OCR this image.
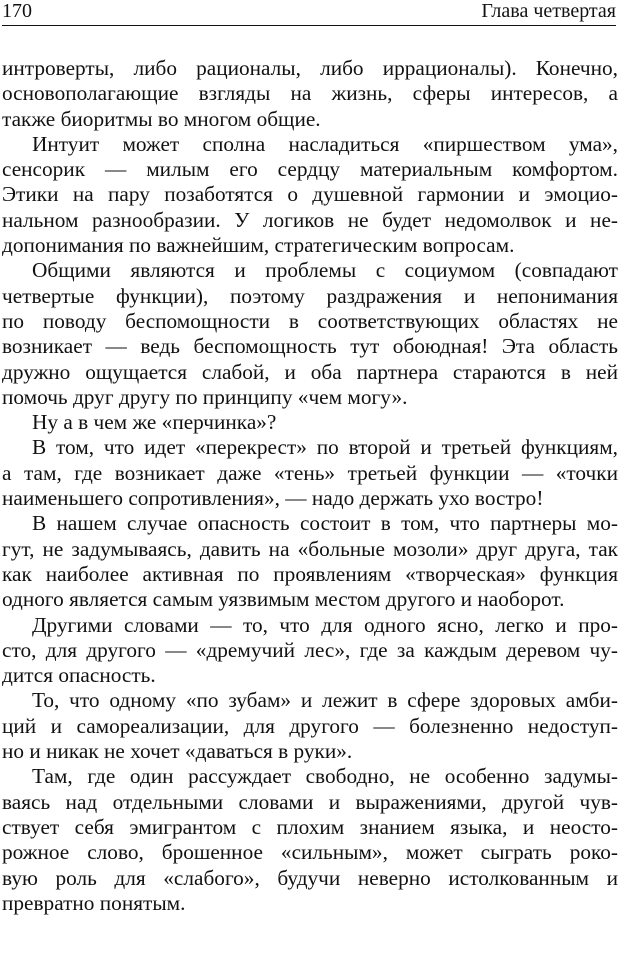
170	Глава четвертая
интроверты, либо рационалы, либо иррационалы). Конечно,
основополагающие взгляды на жизнь, сферы интересов, а
также биоритмы во многом общие.
Интуит может сполна насладиться «пиршеством ума»,
сенсорик — милым его сердцу материальным комфортом.
Этики на пару позаботятся о душевной гармонии и эмоцио-
нальном разнообразии. У логиков не будет недомолвок и не-
допонимания по важнейшим, стратегическим вопросам.
Общими являются и проблемы с социумом (совпадают
четвертые функции), поэтому раздражения и непонимания
по поводу беспомощности в соответствующих областях не
возникает — ведь беспомощность тут обоюдная! Эта область
дружно ощущается слабой, и оба партнера стараются в ней
помочь друг другу по принципу «чем могу».
Ну а в чем же «перчинка»?
В том, что идет «перекрест» по второй и третьей функциям,
а там, где возникает даже «тень» третьей функции — «точки
наименьшего сопротивления», — надо держать ухо востро!
В нашем случае опасность состоит в том, что партнеры мо-
гут, не задумываясь, давить на «больные мозоли» друг друга, так
как наиболее активная по проявлениям «творческая» функция
одного является самым уязвимым местом другого и наоборот.
Другими словами — то, что для одного ясно, легко и про-
сто, для другого — «дремучий лес», где за каждым деревом чу-
дится опасность.
То, что одному «по зубам» и лежит в сфере здоровых амби-
ций и самореализации, для другого — болезненно недоступ-
но и никак не хочет «даваться в руки».
Там, где один рассуждает свободно, не особенно задумы-
ваясь над отдельными словами и выражениями, другой чув-
ствует себя эмигрантом с плохим знанием языка, и неосто-
рожное слово, брошенное «сильным», может сыграть роко-
вую роль для «слабого», будучи неверно истолкованным и
превратно понятым.
